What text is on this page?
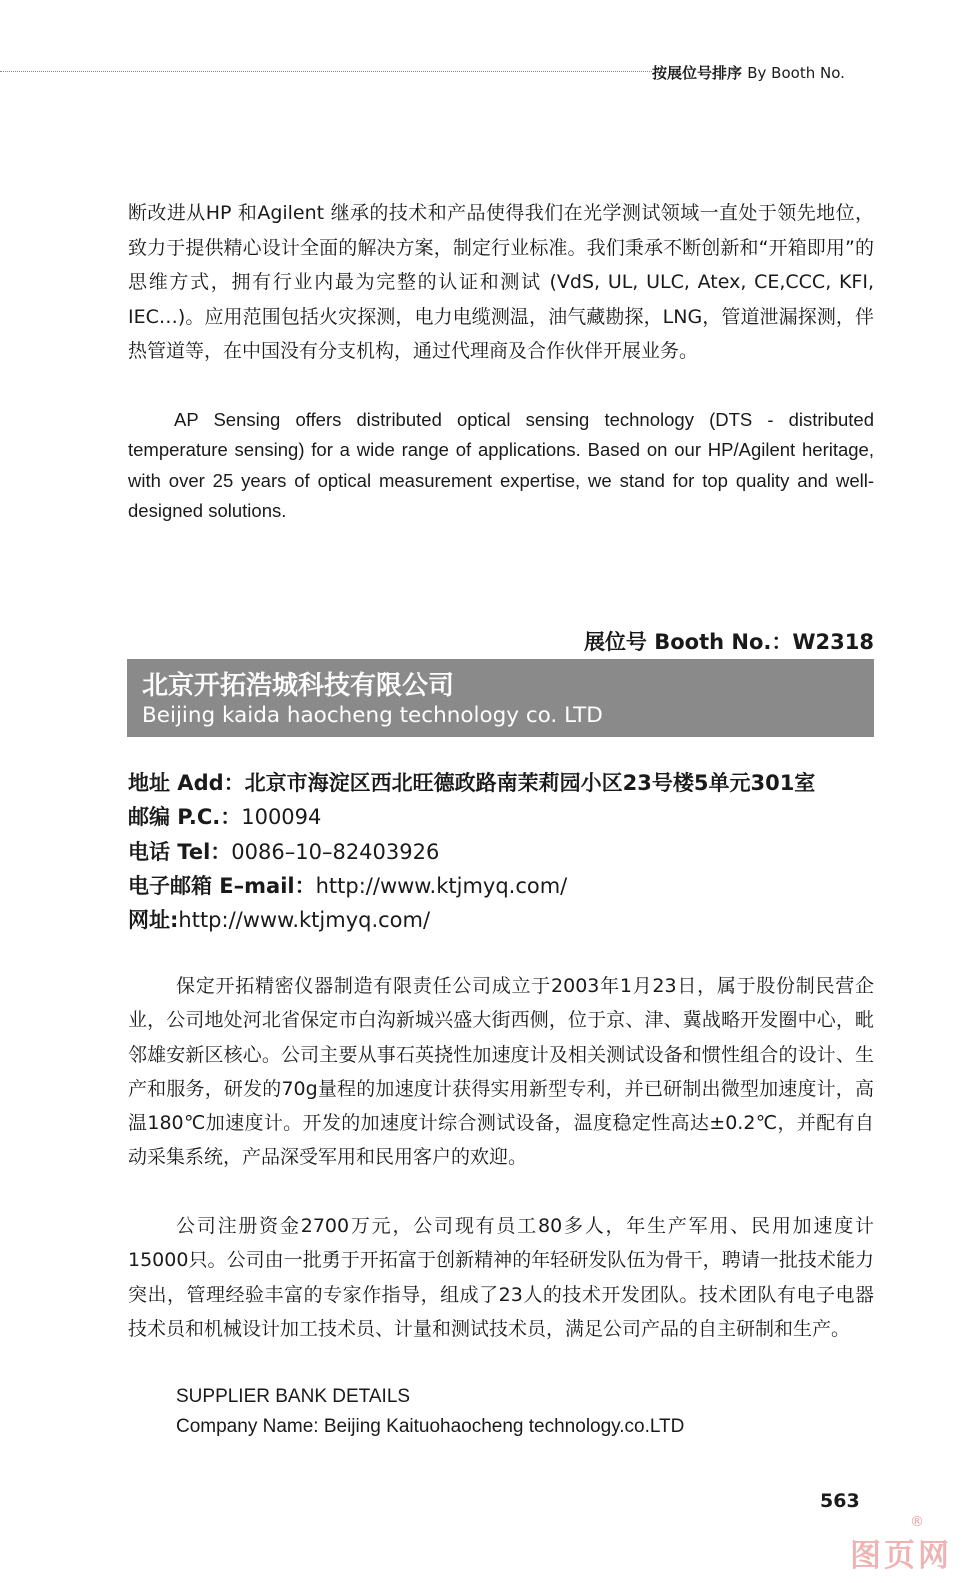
按展位号排序 By Booth No.

断改进从HP 和Agilent 继承的技术和产品使得我们在光学测试领域一直处于领先地位，致力于提供精心设计全面的解决方案，制定行业标准。我们秉承不断创新和“开箱即用”的思维方式，拥有行业内最为完整的认证和测试 (VdS, UL, ULC, Atex, CE,CCC, KFI, IEC…)。应用范围包括火灾探测，电力电缆测温，油气藏勘探，LNG，管道泄漏探测，伴热管道等，在中国没有分支机构，通过代理商及合作伙伴开展业务。

AP Sensing offers distributed optical sensing technology (DTS - distributed temperature sensing) for a wide range of applications. Based on our HP/Agilent heritage, with over 25 years of optical measurement expertise, we stand for top quality and well-designed solutions.

展位号 Booth No.：W2318
北京开拓浩城科技有限公司
Beijing kaida haocheng technology co. LTD
地址 Add：北京市海淀区西北旺德政路南茉莉园小区23号楼5单元301室
邮编 P.C.：100094
电话 Tel：0086–10–82403926
电子邮箱 E–mail：http://www.ktjmyq.com/
网址:http://www.ktjmyq.com/

保定开拓精密仪器制造有限责任公司成立于2003年1月23日，属于股份制民营企业，公司地处河北省保定市白沟新城兴盛大街西侧，位于京、津、冀战略开发圈中心，毗邻雄安新区核心。公司主要从事石英挠性加速度计及相关测试设备和惯性组合的设计、生产和服务，研发的70g量程的加速度计获得实用新型专利，并已研制出微型加速度计，高温180℃加速度计。开发的加速度计综合测试设备，温度稳定性高达±0.2℃，并配有自动采集系统，产品深受军用和民用客户的欢迎。

公司注册资金2700万元，公司现有员工80多人，年生产军用、民用加速度计15000只。公司由一批勇于开拓富于创新精神的年轻研发队伍为骨干，聘请一批技术能力突出，管理经验丰富的专家作指导，组成了23人的技术开发团队。技术团队有电子电器技术员和机械设计加工技术员、计量和测试技术员，满足公司产品的自主研制和生产。

SUPPLIER BANK DETAILS

Company Name: Beijing Kaituohaocheng technology.co.LTD

563
®
图页网
